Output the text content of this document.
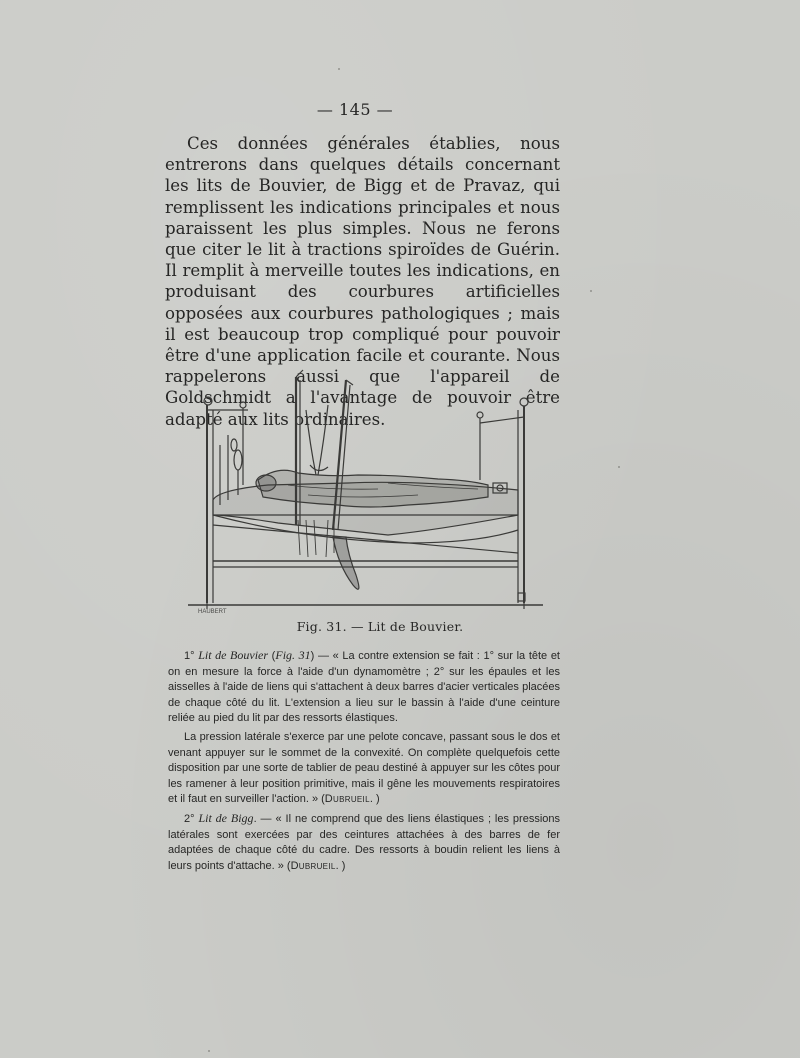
— 145 —

Ces données générales établies, nous entrerons dans quelques détails concernant les lits de Bouvier, de Bigg et de Pravaz, qui remplissent les indications principales et nous paraissent les plus simples. Nous ne ferons que citer le lit à tractions spiroïdes de Guérin. Il remplit à merveille toutes les indications, en produisant des courbures artificielles opposées aux courbures pathologiques ; mais il est beaucoup trop compliqué pour pouvoir être d'une application facile et courante. Nous rappelerons aussi que l'appareil de Goldschmidt a l'avantage de pouvoir être adapté aux lits ordinaires.

HAUBERT
Fig. 31. — Lit de Bouvier.

1° Lit de Bouvier (Fig. 31) — « La contre extension se fait : 1° sur la tête et on en mesure la force à l'aide d'un dynamomètre ; 2° sur les épaules et les aisselles à l'aide de liens qui s'attachent à deux barres d'acier verticales placées de chaque côté du lit. L'extension a lieu sur le bassin à l'aide d'une ceinture reliée au pied du lit par des ressorts élastiques.

La pression latérale s'exerce par une pelote concave, passant sous le dos et venant appuyer sur le sommet de la convexité. On complète quelquefois cette disposition par une sorte de tablier de peau destiné à appuyer sur les côtes pour les ramener à leur position primitive, mais il gêne les mouvements respiratoires et il faut en surveiller l'action. » (Dubrueil. )

2° Lit de Bigg. — « Il ne comprend que des liens élastiques ; les pressions latérales sont exercées par des ceintures attachées à des barres de fer adaptées de chaque côté du cadre. Des ressorts à boudin relient les liens à leurs points d'attache. » (Dubrueil. )
